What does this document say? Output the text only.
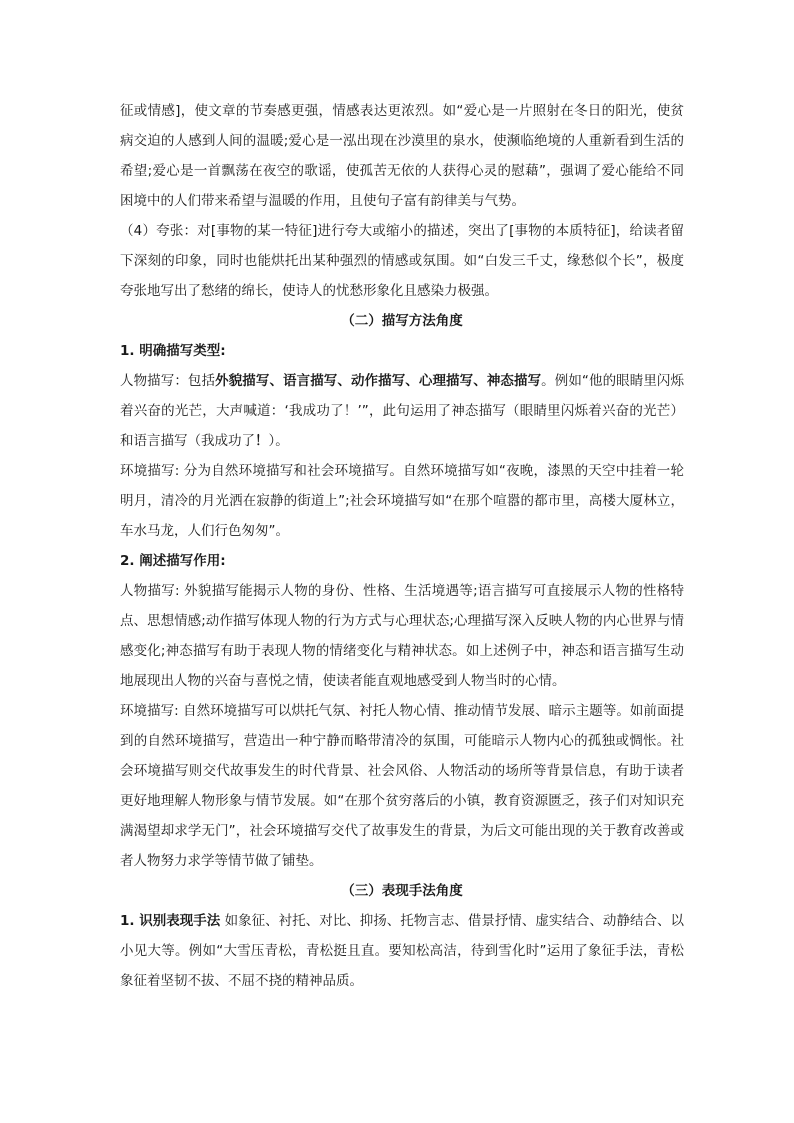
征或情感]，使文章的节奏感更强，情感表达更浓烈。如“爱心是一片照射在冬日的阳光，使贫病交迫的人感到人间的温暖;爱心是一泓出现在沙漠里的泉水，使濒临绝境的人重新看到生活的希望;爱心是一首飘荡在夜空的歌谣，使孤苦无依的人获得心灵的慰藉”，强调了爱心能给不同困境中的人们带来希望与温暖的作用，且使句子富有韵律美与气势。

（4）夸张：对[事物的某一特征]进行夸大或缩小的描述，突出了[事物的本质特征]，给读者留下深刻的印象，同时也能烘托出某种强烈的情感或氛围。如“白发三千丈，缘愁似个长”，极度夸张地写出了愁绪的绵长，使诗人的忧愁形象化且感染力极强。

（二）描写方法角度

1. 明确描写类型:

人物描写：包括外貌描写、语言描写、动作描写、心理描写、神态描写。例如“他的眼睛里闪烁着兴奋的光芒，大声喊道：‘我成功了！’”，此句运用了神态描写（眼睛里闪烁着兴奋的光芒）和语言描写（我成功了！）。

环境描写: 分为自然环境描写和社会环境描写。自然环境描写如“夜晚，漆黑的天空中挂着一轮明月，清冷的月光洒在寂静的街道上”;社会环境描写如“在那个喧嚣的都市里，高楼大厦林立，车水马龙，人们行色匆匆”。

2. 阐述描写作用:

人物描写: 外貌描写能揭示人物的身份、性格、生活境遇等;语言描写可直接展示人物的性格特点、思想情感;动作描写体现人物的行为方式与心理状态;心理描写深入反映人物的内心世界与情感变化;神态描写有助于表现人物的情绪变化与精神状态。如上述例子中，神态和语言描写生动地展现出人物的兴奋与喜悦之情，使读者能直观地感受到人物当时的心情。

环境描写: 自然环境描写可以烘托气氛、衬托人物心情、推动情节发展、暗示主题等。如前面提到的自然环境描写，营造出一种宁静而略带清冷的氛围，可能暗示人物内心的孤独或惆怅。社会环境描写则交代故事发生的时代背景、社会风俗、人物活动的场所等背景信息，有助于读者更好地理解人物形象与情节发展。如“在那个贫穷落后的小镇，教育资源匮乏，孩子们对知识充满渴望却求学无门”，社会环境描写交代了故事发生的背景，为后文可能出现的关于教育改善或者人物努力求学等情节做了铺垫。

（三）表现手法角度

1. 识别表现手法 如象征、衬托、对比、抑扬、托物言志、借景抒情、虚实结合、动静结合、以小见大等。例如“大雪压青松，青松挺且直。要知松高洁，待到雪化时”运用了象征手法，青松象征着坚韧不拔、不屈不挠的精神品质。
